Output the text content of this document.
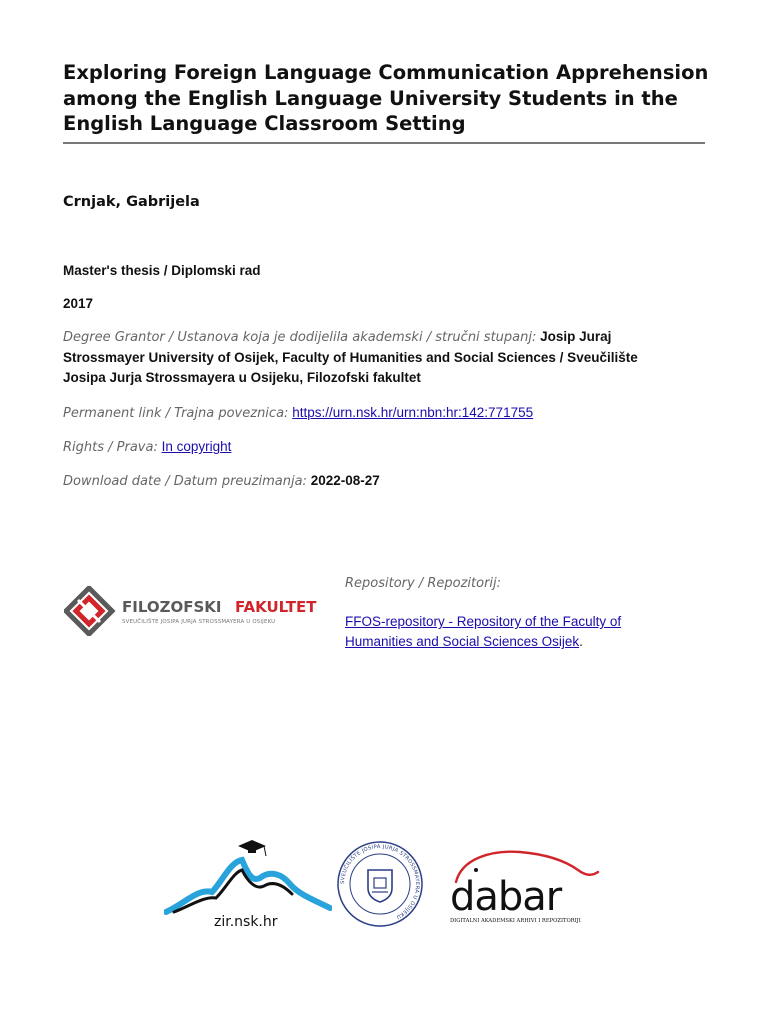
Exploring Foreign Language Communication Apprehension among the English Language University Students in the English Language Classroom Setting
Crnjak, Gabrijela
Master's thesis / Diplomski rad
2017
Degree Grantor / Ustanova koja je dodijelila akademski / stručni stupanj: Josip Juraj Strossmayer University of Osijek, Faculty of Humanities and Social Sciences / Sveučilište Josipa Jurja Strossmayera u Osijeku, Filozofski fakultet
Permanent link / Trajna poveznica: https://urn.nsk.hr/urn:nbn:hr:142:771755
Rights / Prava: In copyright
Download date / Datum preuzimanja: 2022-08-27
FILOZOFSKI FAKULTET
SVEUČILIŠTE JOSIPA JURJA STROSSMAYERA U OSIJEKU
Repository / Repozitorij:
FFOS-repository - Repository of the Faculty of Humanities and Social Sciences Osijek.
zir.nsk.hr
SVEUČILIŠTE JOSIPA JURJA STROSSMAYERA U OSIJEKU	dabar
DIGITALNI AKADEMSKI ARHIVI I REPOZITORIJI
